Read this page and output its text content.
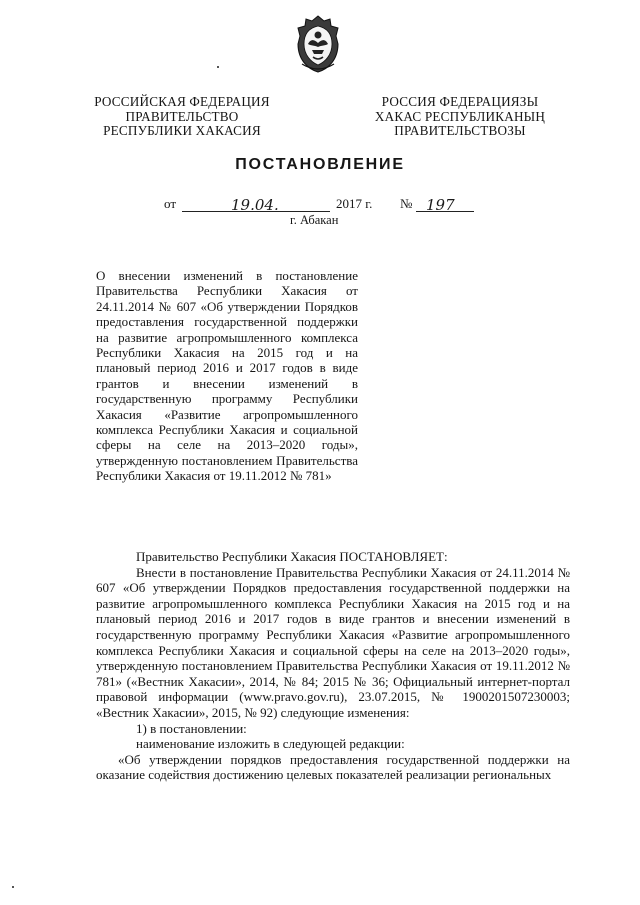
РОССИЙСКАЯ ФЕДЕРАЦИЯ
ПРАВИТЕЛЬСТВО
РЕСПУБЛИКИ ХАКАСИЯ
РОССИЯ ФЕДЕРАЦИЯЗЫ
ХАКАС РЕСПУБЛИКАНЫҢ
ПРАВИТЕЛЬСТВОЗЫ
ПОСТАНОВЛЕНИЕ
от	19.04.	2017 г. № 197
г. Абакан
О внесении изменений в постановление Правительства Республики Хакасия от 24.11.2014 № 607 «Об утверждении Порядков предоставления государственной поддержки на развитие агропромышленного комплекса Республики Хакасия на 2015 год и на плановый период 2016 и 2017 годов в виде грантов и внесении изменений в государственную программу Республики Хакасия «Развитие агропромышленного комплекса Республики Хакасия и социальной сферы на селе на 2013–2020 годы», утвержденную постановлением Правительства Республики Хакасия от 19.11.2012 № 781»

Правительство Республики Хакасия ПОСТАНОВЛЯЕТ:

Внести в постановление Правительства Республики Хакасия от 24.11.2014 № 607 «Об утверждении Порядков предоставления государственной поддержки на развитие агропромышленного комплекса Республики Хакасия на 2015 год и на плановый период 2016 и 2017 годов в виде грантов и внесении изменений в государственную программу Республики Хакасия «Развитие агропромышленного комплекса Республики Хакасия и социальной сферы на селе на 2013–2020 годы», утвержденную постановлением Правительства Республики Хакасия от 19.11.2012 № 781» («Вестник Хакасии», 2014, № 84; 2015 № 36; Официальный интернет-портал правовой информации (www.pravo.gov.ru), 23.07.2015, № 1900201507230003; «Вестник Хакасии», 2015, № 92) следующие изменения:

1) в постановлении:

наименование изложить в следующей редакции:

«Об утверждении порядков предоставления государственной поддержки на оказание содействия достижению целевых показателей реализации региональных
